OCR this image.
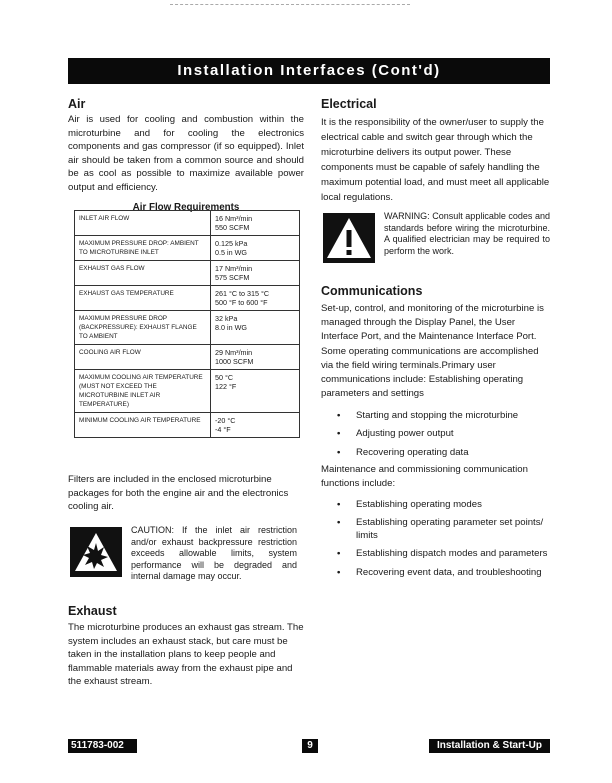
Installation Interfaces (Cont'd)
Air

Air is used for cooling and combustion within the microturbine and for cooling the electronics components and gas compressor (if so equipped). Inlet air should be taken from a common source and should be as cool as possible to maximize available power output and efficiency.

Air Flow Requirements
INLET AIR FLOW	16 Nm³/min
550 SCFM
MAXIMUM PRESSURE DROP: AMBIENT TO MICROTURBINE INLET	0.125 kPa
0.5 in WG
EXHAUST GAS FLOW	17 Nm³/min
575 SCFM
EXHAUST GAS TEMPERATURE	261 °C to 315 °C
500 °F to 600 °F
MAXIMUM PRESSURE DROP (BACKPRESSURE): EXHAUST FLANGE TO AMBIENT	32 kPa
8.0 in WG
COOLING AIR FLOW	29 Nm³/min
1000 SCFM
MAXIMUM COOLING AIR TEMPERATURE (MUST NOT EXCEED THE MICROTURBINE INLET AIR TEMPERATURE)	50 °C
122 °F
MINIMUM COOLING AIR TEMPERATURE	-20 °C
-4 °F

Filters are included in the enclosed microturbine packages for both the engine air and the electronics cooling air.

CAUTION: If the inlet air restriction and/or exhaust backpressure restriction exceeds allowable limits, system performance will be degraded and internal damage may occur.
Exhaust

The microturbine produces an exhaust gas stream. The system includes an exhaust stack, but care must be taken in the installation plans to keep people and flammable materials away from the exhaust pipe and the exhaust stream.

Electrical

It is the responsibility of the owner/user to supply the electrical cable and switch gear through which the microturbine delivers its output power. These components must be capable of safely handling the maximum potential load, and must meet all applicable local regulations.

WARNING: Consult applicable codes and standards before wiring the microturbine. A qualified electrician may be required to perform the work.
Communications

Set-up, control, and monitoring of the microturbine is managed through the Display Panel, the User Interface Port, and the Maintenance Interface Port. Some operating communications are accomplished via the field wiring terminals.Primary user communications include: Establishing operating parameters and settings

• Starting and stopping the microturbine
• Adjusting power output
• Recovering operating data

Maintenance and commissioning communication functions include:

• Establishing operating modes
• Establishing operating parameter set points/ limits
• Establishing dispatch modes and parameters
• Recovering event data, and troubleshooting
511783-002	9	Installation & Start-Up
